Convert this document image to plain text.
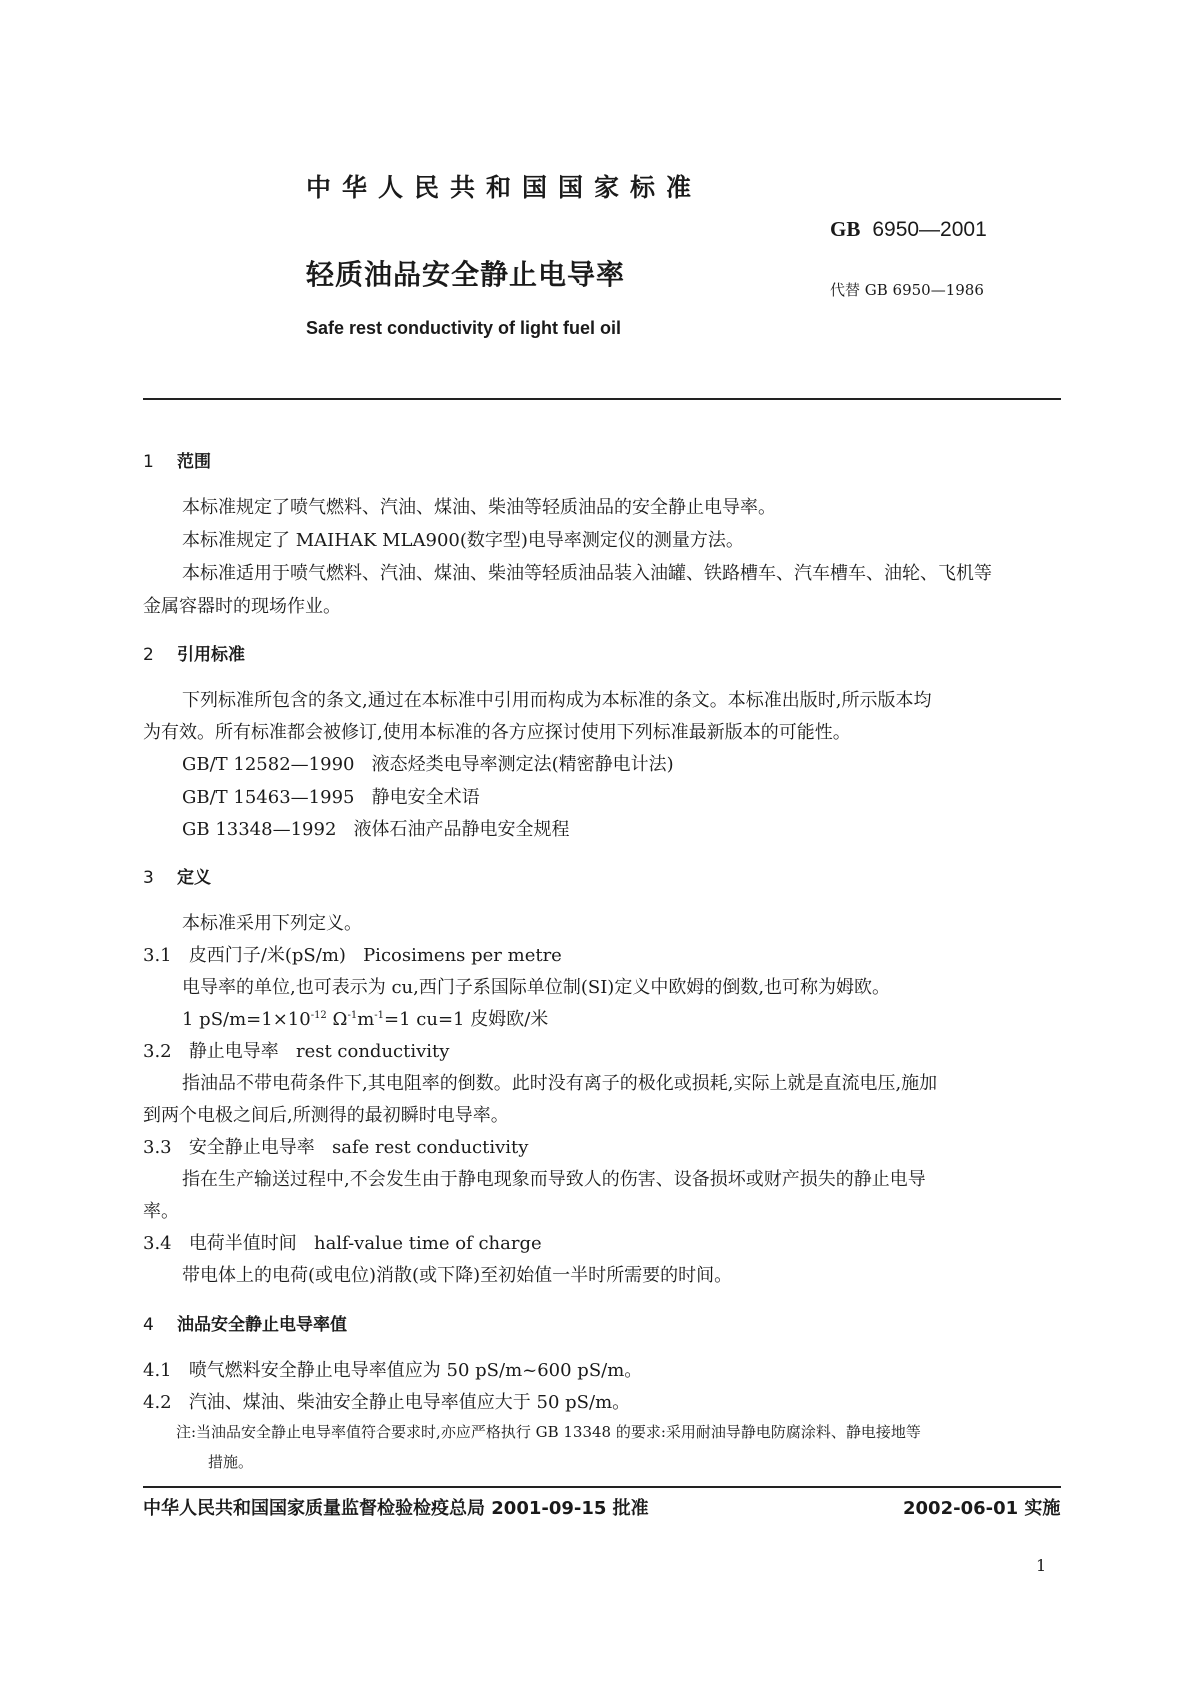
中华人民共和国国家标准
GB 6950—2001
轻质油品安全静止电导率	代替 GB 6950—1986
Safe rest conductivity of light fuel oil
1 范围
本标准规定了喷气燃料、汽油、煤油、柴油等轻质油品的安全静止电导率。
本标准规定了 MAIHAK MLA900(数字型)电导率测定仪的测量方法。
本标准适用于喷气燃料、汽油、煤油、柴油等轻质油品装入油罐、铁路槽车、汽车槽车、油轮、飞机等
金属容器时的现场作业。
2 引用标准
下列标准所包含的条文,通过在本标准中引用而构成为本标准的条文。本标准出版时,所示版本均
为有效。所有标准都会被修订,使用本标准的各方应探讨使用下列标准最新版本的可能性。
GB/T 12582—1990   液态烃类电导率测定法(精密静电计法)
GB/T 15463—1995   静电安全术语
GB 13348—1992   液体石油产品静电安全规程
3 定义
本标准采用下列定义。
3.1 皮西门子/米(pS/m)   Picosimens per metre
电导率的单位,也可表示为 cu,西门子系国际单位制(SI)定义中欧姆的倒数,也可称为姆欧。
1 $pS/m=1\times 10^{-12}$ $\Omega^{-1}m^{-1}=1$ cu=1 皮姆欧/米
3.2 静止电导率   rest conductivity
指油品不带电荷条件下,其电阻率的倒数。此时没有离子的极化或损耗,实际上就是直流电压,施加
到两个电极之间后,所测得的最初瞬时电导率。
3.3 安全静止电导率   safe rest conductivity
指在生产输送过程中,不会发生由于静电现象而导致人的伤害、设备损坏或财产损失的静止电导
率。
3.4 电荷半值时间   half-value time of charge
带电体上的电荷(或电位)消散(或下降)至初始值一半时所需要的时间。
4 油品安全静止电导率值
4.1 喷气燃料安全静止电导率值应为 50 pS/m~600 pS/m。
4.2 汽油、煤油、柴油安全静止电导率值应大于 50 pS/m。
注:当油品安全静止电导率值符合要求时,亦应严格执行 GB 13348 的要求:采用耐油导静电防腐涂料、静电接地等
措施。
中华人民共和国国家质量监督检验检疫总局 2001-09-15 批准	2002-06-01 实施
1
